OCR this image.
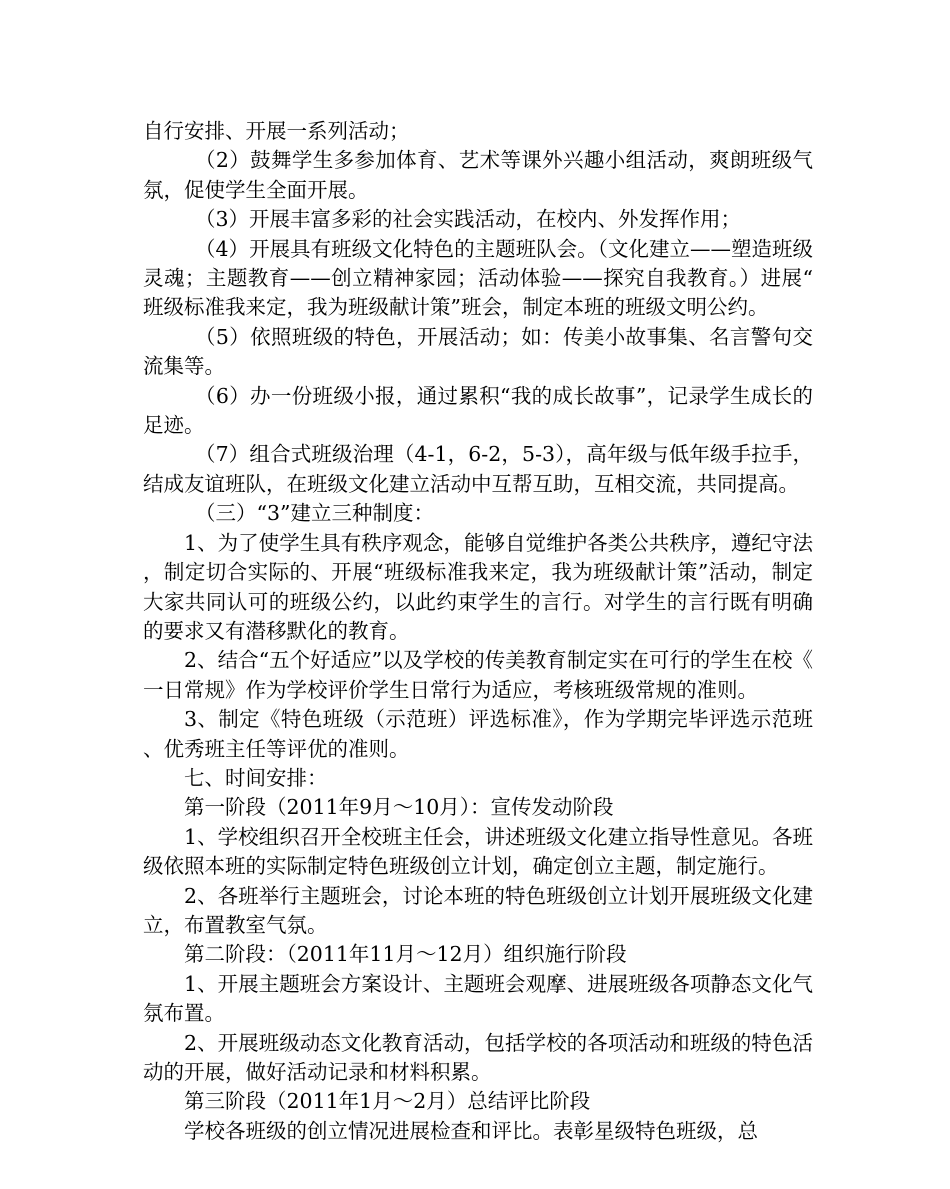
自行安排、开展一系列活动；

（2）鼓舞学生多参加体育、艺术等课外兴趣小组活动，爽朗班级气氛，促使学生全面开展。

（3）开展丰富多彩的社会实践活动，在校内、外发挥作用；

（4）开展具有班级文化特色的主题班队会。（文化建立——塑造班级灵魂；主题教育——创立精神家园；活动体验——探究自我教育。）进展“班级标准我来定，我为班级献计策”班会，制定本班的班级文明公约。

（5）依照班级的特色，开展活动；如：传美小故事集、名言警句交流集等。

（6）办一份班级小报，通过累积“我的成长故事”，记录学生成长的足迹。

（7）组合式班级治理（4-1，6-2，5-3），高年级与低年级手拉手，结成友谊班队，在班级文化建立活动中互帮互助，互相交流，共同提高。

（三）“3”建立三种制度：

1、为了使学生具有秩序观念，能够自觉维护各类公共秩序，遵纪守法，制定切合实际的、开展“班级标准我来定，我为班级献计策”活动，制定大家共同认可的班级公约，以此约束学生的言行。对学生的言行既有明确的要求又有潜移默化的教育。

2、结合“五个好适应”以及学校的传美教育制定实在可行的学生在校《一日常规》作为学校评价学生日常行为适应，考核班级常规的准则。

3、制定《特色班级（示范班）评选标准》，作为学期完毕评选示范班、优秀班主任等评优的准则。

七、时间安排：

第一阶段（2011年9月～10月）：宣传发动阶段

1、学校组织召开全校班主任会，讲述班级文化建立指导性意见。各班级依照本班的实际制定特色班级创立计划，确定创立主题，制定施行。

2、各班举行主题班会，讨论本班的特色班级创立计划开展班级文化建立，布置教室气氛。

第二阶段：（2011年11月～12月）组织施行阶段

1、开展主题班会方案设计、主题班会观摩、进展班级各项静态文化气氛布置。

2、开展班级动态文化教育活动，包括学校的各项活动和班级的特色活动的开展，做好活动记录和材料积累。

第三阶段（2011年1月～2月）总结评比阶段

学校各班级的创立情况进展检查和评比。表彰星级特色班级，总
